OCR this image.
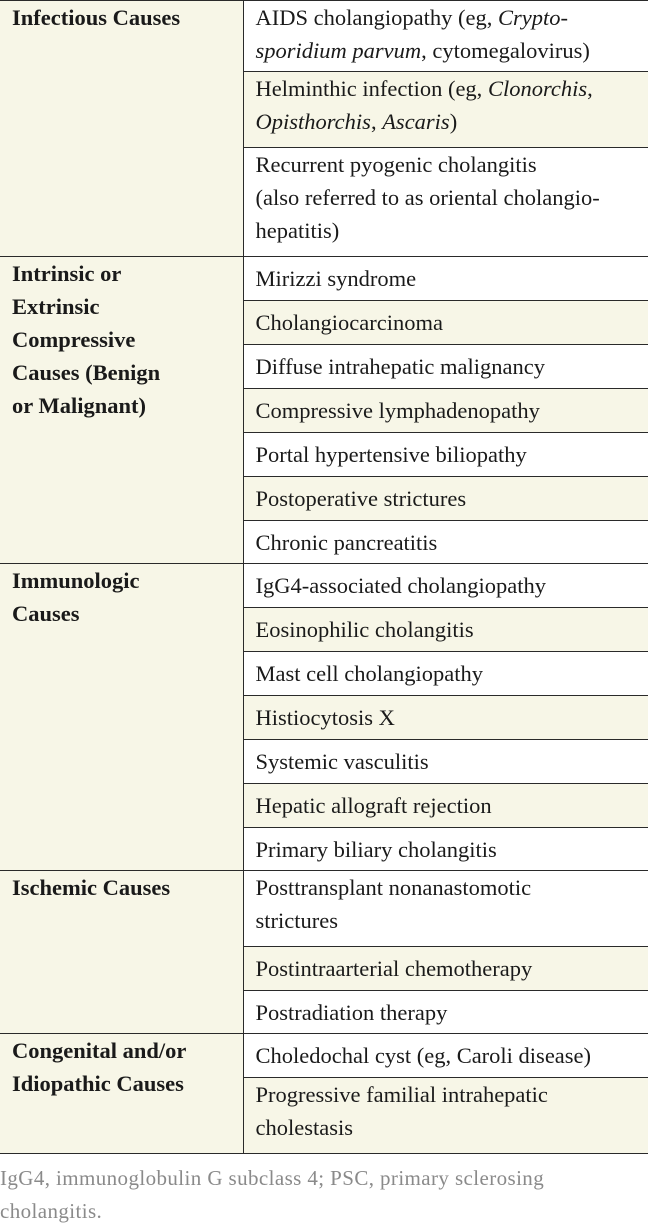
Infectious Causes	AIDS cholangiopathy (eg, Crypto-
sporidium parvum, cytomegalovirus)

	Helminthic infection (eg, Clonorchis,
Opisthorchis, Ascaris)

	Recurrent pyogenic cholangitis
(also referred to as oriental cholangio-
hepatitis)

Intrinsic or
Extrinsic
Compressive
Causes (Benign
or Malignant)	Mirizzi syndrome

	Cholangiocarcinoma

	Diffuse intrahepatic malignancy

	Compressive lymphadenopathy

	Portal hypertensive biliopathy

	Postoperative strictures

	Chronic pancreatitis

Immunologic
Causes	IgG4-associated cholangiopathy

	Eosinophilic cholangitis

	Mast cell cholangiopathy

	Histiocytosis X

	Systemic vasculitis

	Hepatic allograft rejection

	Primary biliary cholangitis

Ischemic Causes	Posttransplant nonanastomotic
strictures

	Postintraarterial chemotherapy

	Postradiation therapy

Congenital and/or
Idiopathic Causes	Choledochal cyst (eg, Caroli disease)

	Progressive familial intrahepatic
cholestasis
IgG4, immunoglobulin G subclass 4; PSC, primary sclerosing
cholangitis.
